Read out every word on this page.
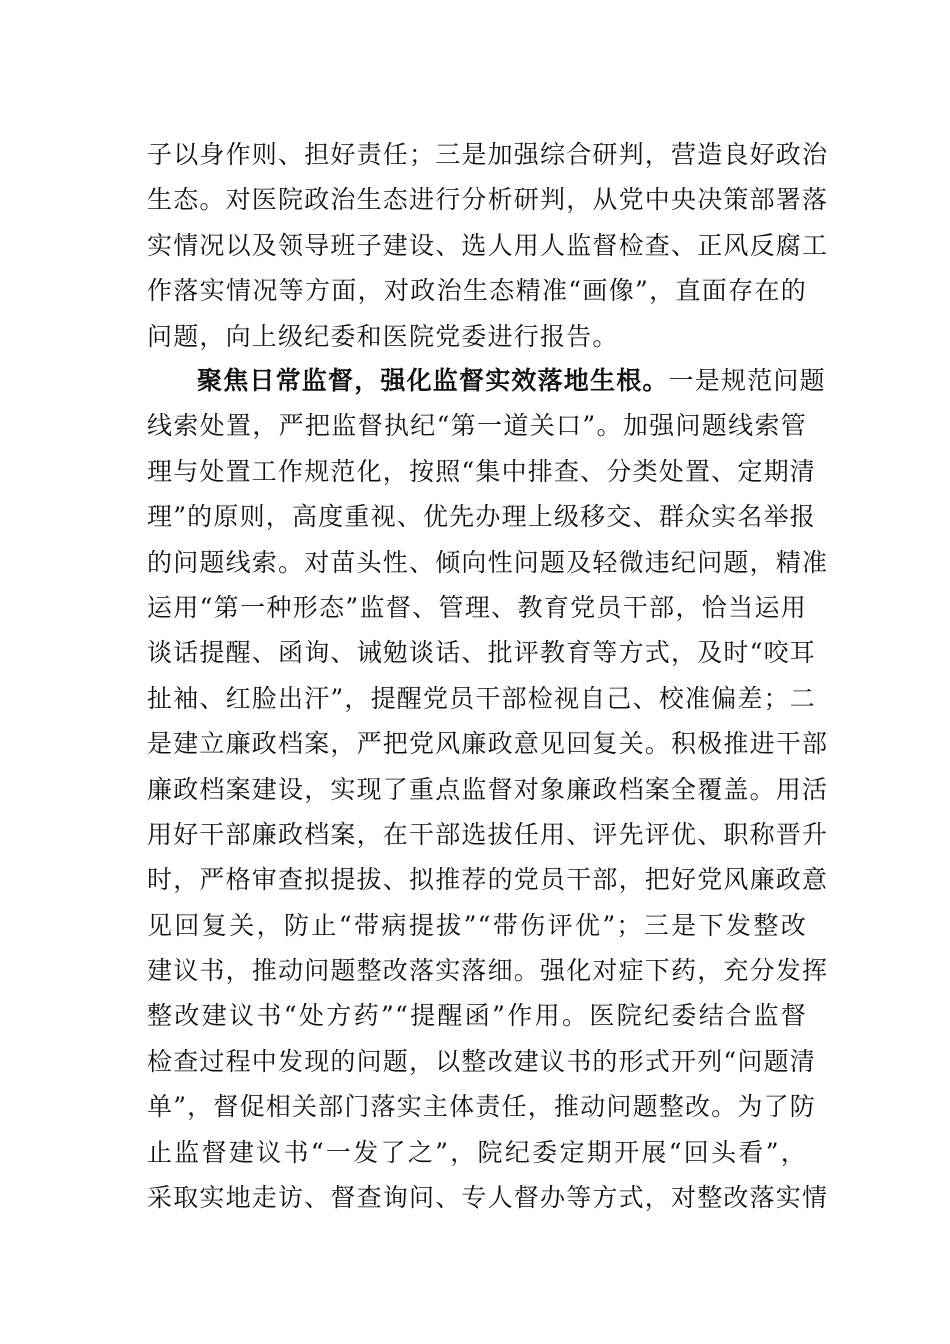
子以身作则、担好责任；三是加强综合研判，营造良好政治
生态。对医院政治生态进行分析研判，从党中央决策部署落
实情况以及领导班子建设、选人用人监督检查、正风反腐工
作落实情况等方面，对政治生态精准“画像”，直面存在的
问题，向上级纪委和医院党委进行报告。
聚焦日常监督，强化监督实效落地生根。一是规范问题
线索处置，严把监督执纪“第一道关口”。加强问题线索管
理与处置工作规范化，按照“集中排查、分类处置、定期清
理”的原则，高度重视、优先办理上级移交、群众实名举报
的问题线索。对苗头性、倾向性问题及轻微违纪问题，精准
运用“第一种形态”监督、管理、教育党员干部，恰当运用
谈话提醒、函询、诫勉谈话、批评教育等方式，及时“咬耳
扯袖、红脸出汗”，提醒党员干部检视自己、校准偏差；二
是建立廉政档案，严把党风廉政意见回复关。积极推进干部
廉政档案建设，实现了重点监督对象廉政档案全覆盖。用活
用好干部廉政档案，在干部选拔任用、评先评优、职称晋升
时，严格审查拟提拔、拟推荐的党员干部，把好党风廉政意
见回复关，防止“带病提拔”“带伤评优”；三是下发整改
建议书，推动问题整改落实落细。强化对症下药，充分发挥
整改建议书“处方药”“提醒函”作用。医院纪委结合监督
检查过程中发现的问题，以整改建议书的形式开列“问题清
单”，督促相关部门落实主体责任，推动问题整改。为了防
止监督建议书“一发了之”，院纪委定期开展“回头看”，
采取实地走访、督查询问、专人督办等方式，对整改落实情
